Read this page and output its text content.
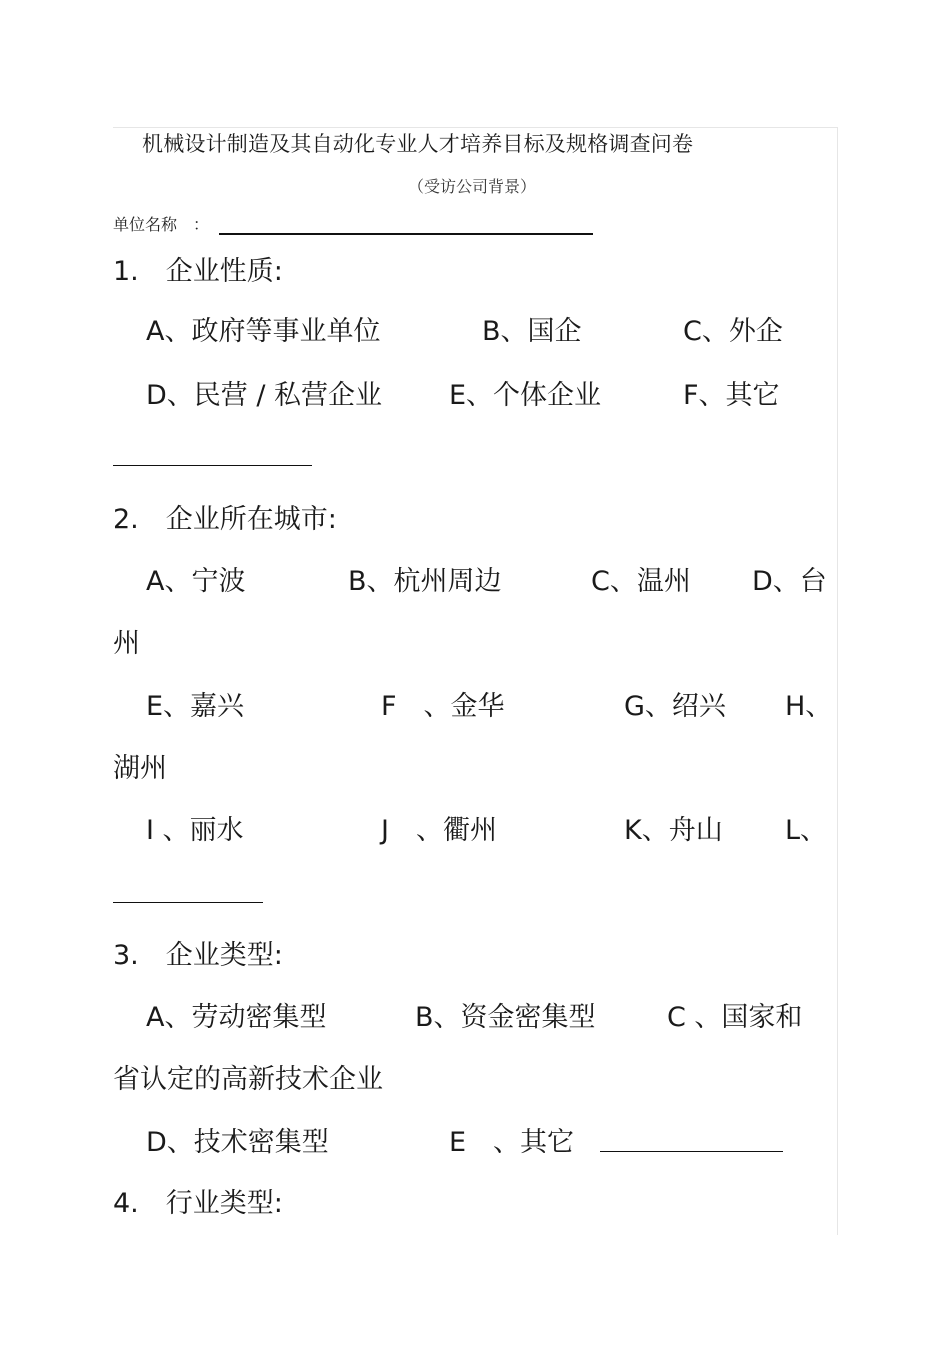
机械设计制造及其自动化专业人才培养目标及规格调查问卷
（受访公司背景）
单位名称　：
1.　企业性质:
A、政府等事业单位	B、国企	C、外企
D、民营 / 私营企业 E、个体企业	F、其它
2.　企业所在城市:
A、宁波	B、杭州周边	C、温州 D、台
州
E、嘉兴	F　、金华	G、绍兴 H、
湖州
I 、丽水	J　、衢州	K、舟山 L、
3.　企业类型:
A、劳动密集型	B、资金密集型	C 、国家和
省认定的高新技术企业
D、技术密集型	E　、其它
4.　行业类型:
